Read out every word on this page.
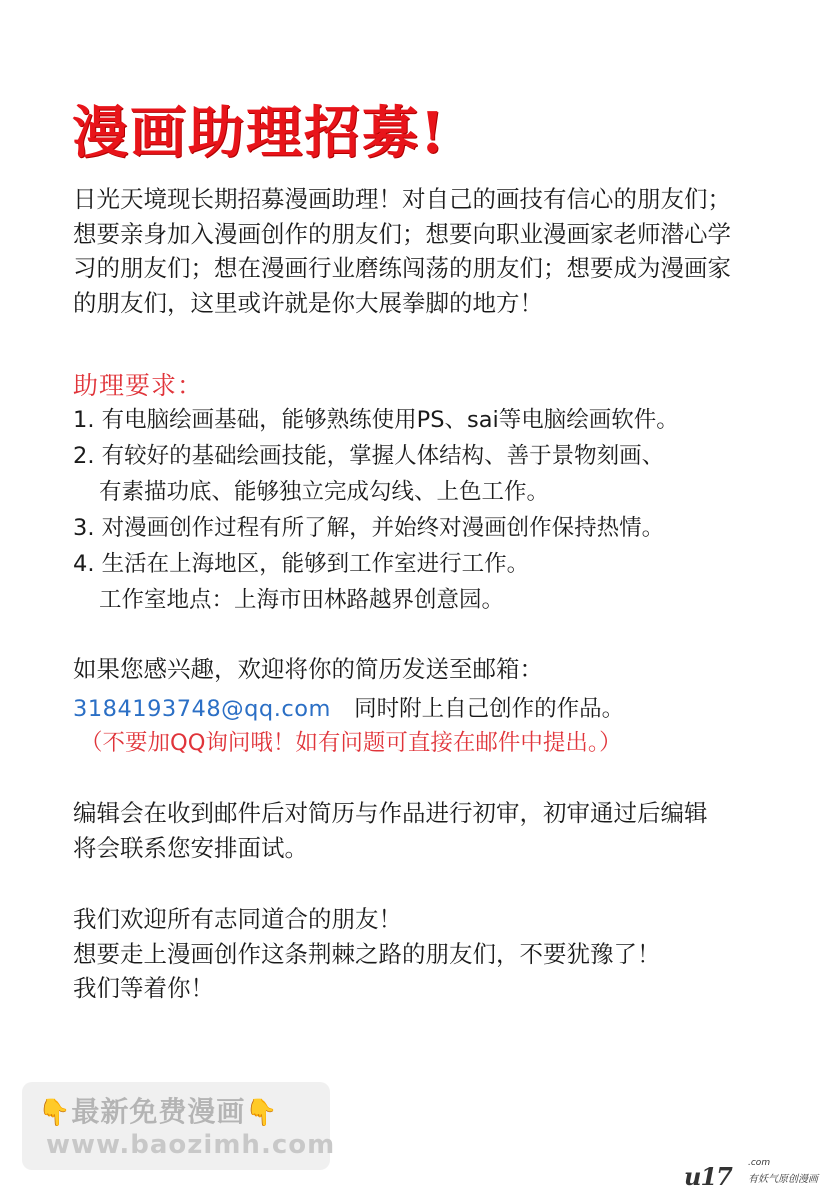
漫画助理招募!
日光天境现长期招募漫画助理！对自己的画技有信心的朋友们；
想要亲身加入漫画创作的朋友们；想要向职业漫画家老师潜心学
习的朋友们；想在漫画行业磨练闯荡的朋友们；想要成为漫画家
的朋友们，这里或许就是你大展拳脚的地方！
助理要求：
1. 有电脑绘画基础，能够熟练使用PS、sai等电脑绘画软件。
2. 有较好的基础绘画技能，掌握人体结构、善于景物刻画、
有素描功底、能够独立完成勾线、上色工作。
3. 对漫画创作过程有所了解，并始终对漫画创作保持热情。
4. 生活在上海地区，能够到工作室进行工作。
工作室地点：上海市田林路越界创意园。
如果您感兴趣，欢迎将你的简历发送至邮箱：
3184193748@qq.com 同时附上自己创作的作品。
（不要加QQ询问哦！如有问题可直接在邮件中提出。）
编辑会在收到邮件后对简历与作品进行初审，初审通过后编辑
将会联系您安排面试。
我们欢迎所有志同道合的朋友！
想要走上漫画创作这条荆棘之路的朋友们，不要犹豫了！
我们等着你！
👇最新免费漫画👇
www.baozimh.com
u17 .com
有妖气原创漫画
